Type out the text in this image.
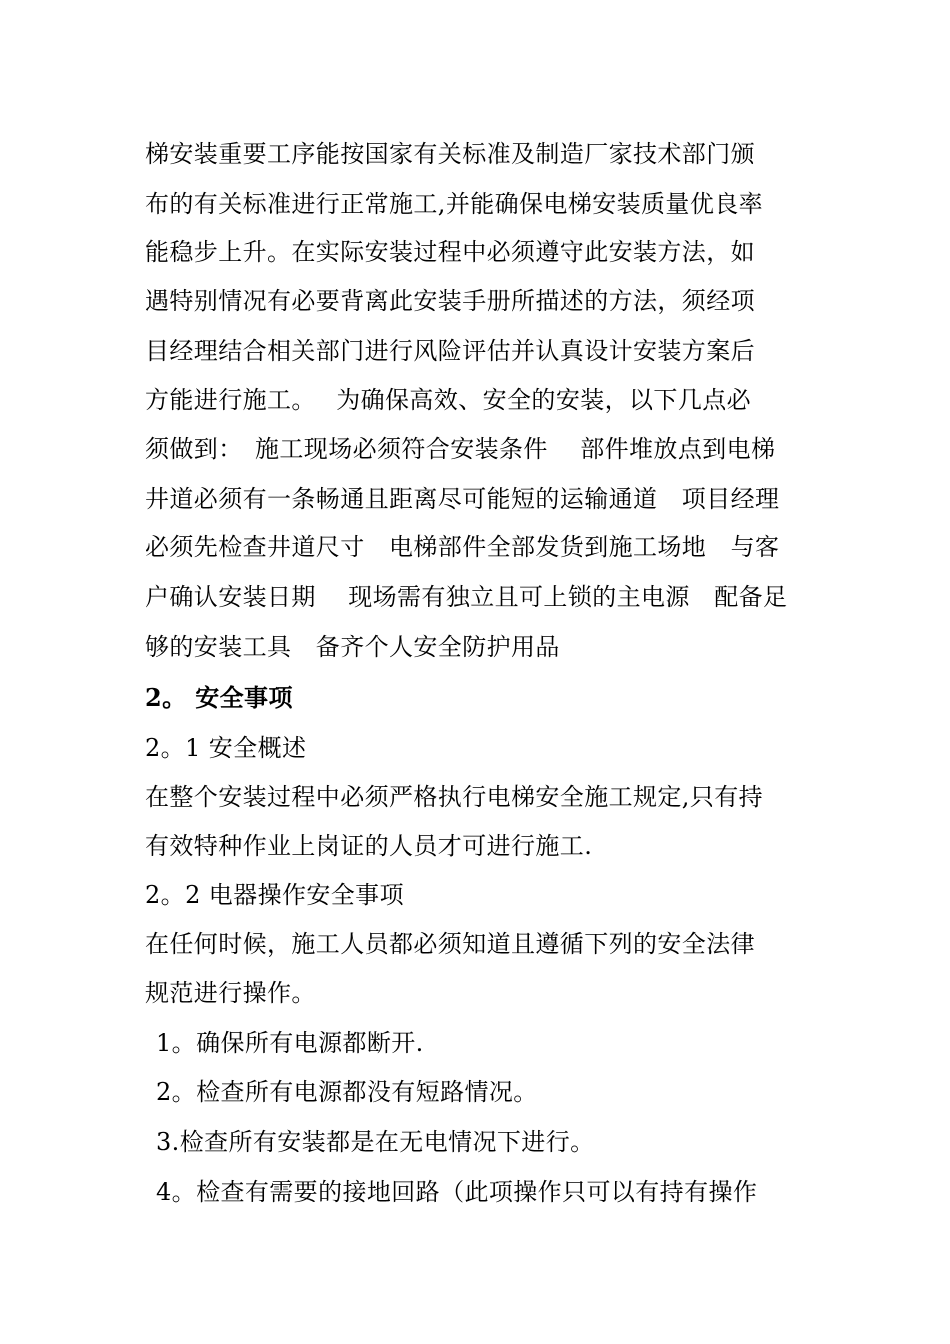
梯安装重要工序能按国家有关标准及制造厂家技术部门颁
布的有关标准进行正常施工,并能确保电梯安装质量优良率
能稳步上升。在实际安装过程中必须遵守此安装方法，如
遇特别情况有必要背离此安装手册所描述的方法，须经项
目经理结合相关部门进行风险评估并认真设计安装方案后
方能进行施工。　 为确保高效、安全的安装，以下几点必
须做到：　施工现场必须符合安装条件　 部件堆放点到电梯
井道必须有一条畅通且距离尽可能短的运输通道　项目经理
必须先检查井道尺寸　电梯部件全部发货到施工场地　与客
户确认安装日期　 现场需有独立且可上锁的主电源　配备足
够的安装工具　备齐个人安全防护用品
2。 安全事项
2。1 安全概述
在整个安装过程中必须严格执行电梯安全施工规定,只有持
有效特种作业上岗证的人员才可进行施工.
2。2 电器操作安全事项
在任何时候，施工人员都必须知道且遵循下列的安全法律
规范进行操作。
1。确保所有电源都断开.
2。检查所有电源都没有短路情况。
3.检查所有安装都是在无电情况下进行。
4。检查有需要的接地回路（此项操作只可以有持有操作
